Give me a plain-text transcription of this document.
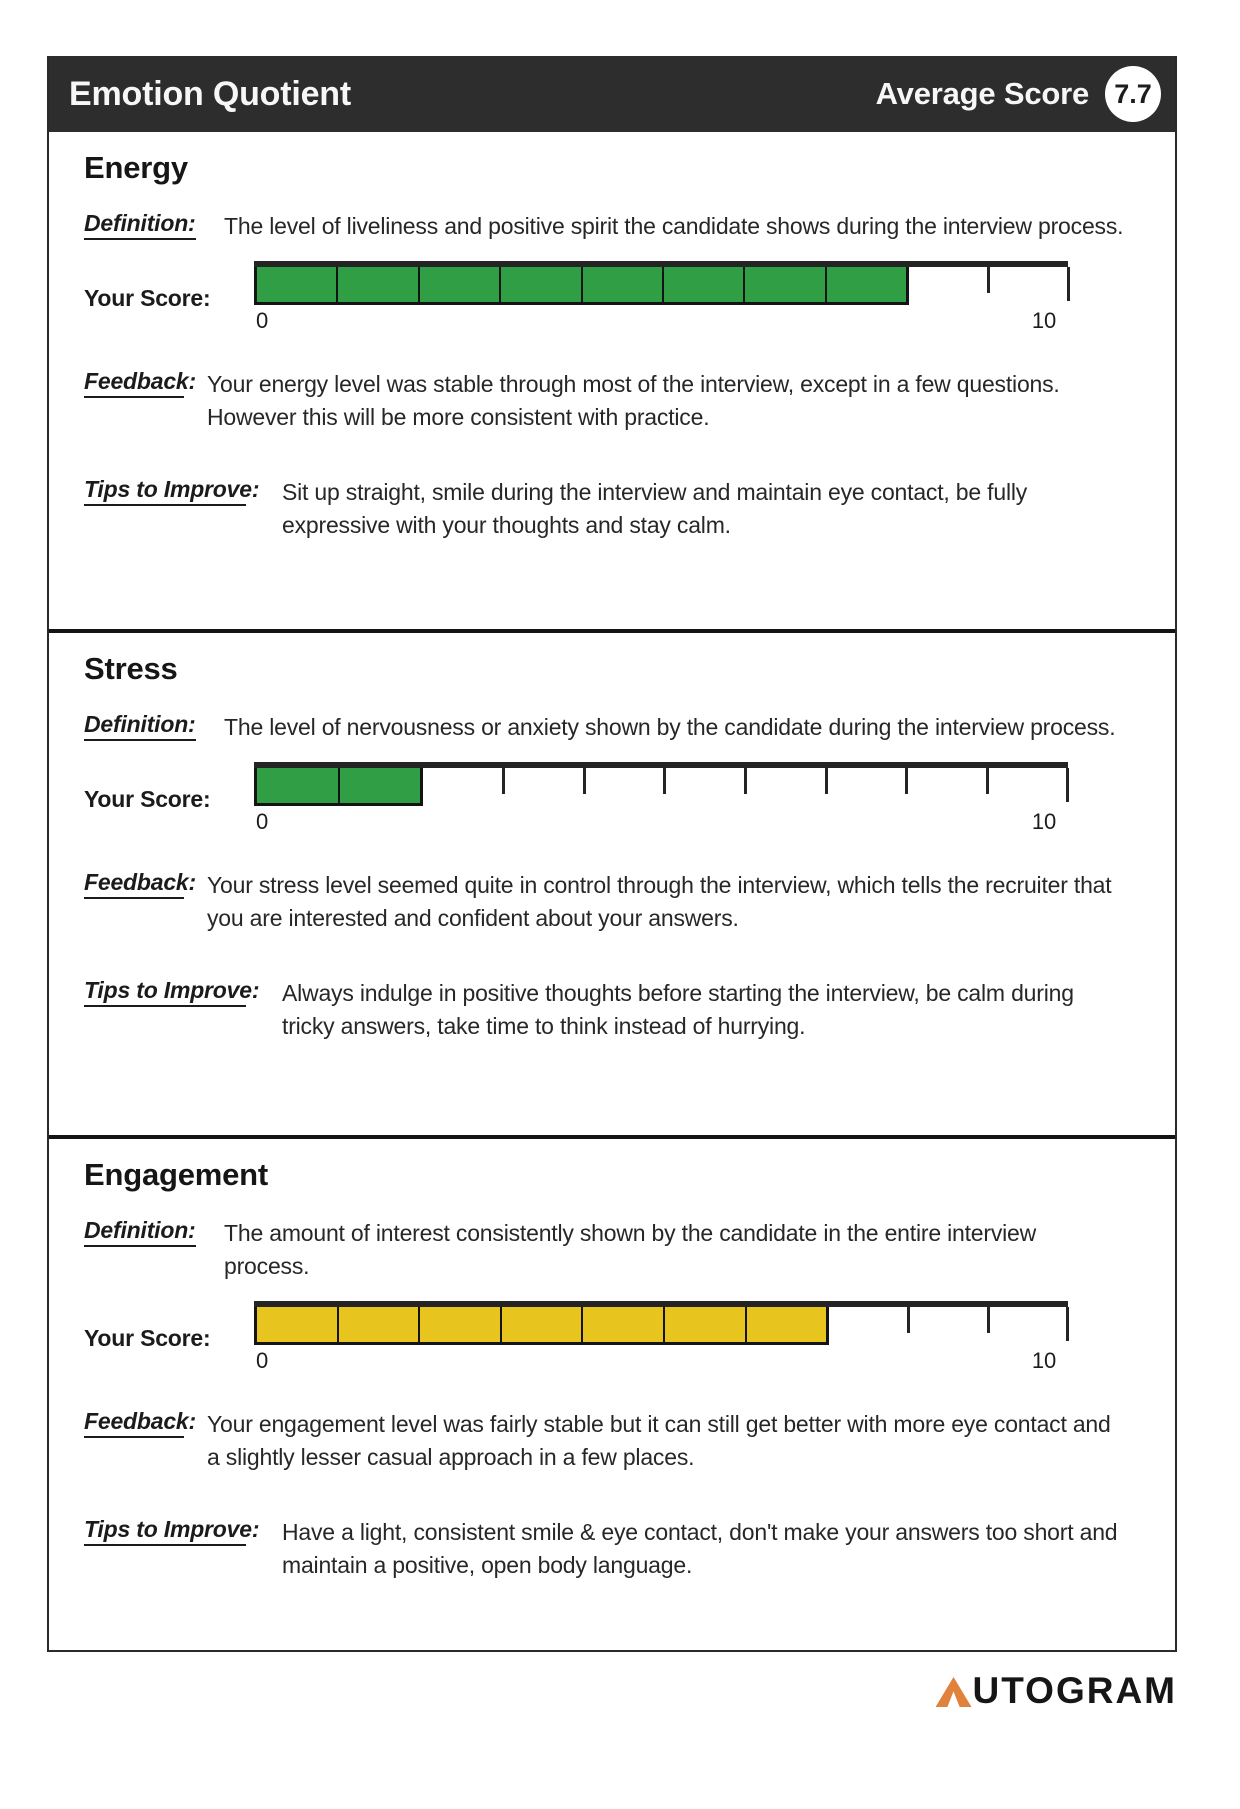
Emotion Quotient	Average Score 7.7
Energy
Definition: The level of liveliness and positive spirit the candidate shows during the interview process.

Your Score:
0	10
Feedback: Your energy level was stable through most of the interview, except in a few questions. However this will be more consistent with practice.

Tips to Improve: Sit up straight, smile during the interview and maintain eye contact, be fully expressive with your thoughts and stay calm.

Stress
Definition: The level of nervousness or anxiety shown by the candidate during the interview process.

Your Score:
0	10
Feedback: Your stress level seemed quite in control through the interview, which tells the recruiter that you are interested and confident about your answers.

Tips to Improve: Always indulge in positive thoughts before starting the interview, be calm during tricky answers, take time to think instead of hurrying.

Engagement
Definition: The amount of interest consistently shown by the candidate in the entire interview process.

Your Score:
0	10
Feedback: Your engagement level was fairly stable but it can still get better with more eye contact and a slightly lesser casual approach in a few places.

Tips to Improve: Have a light, consistent smile & eye contact, don't make your answers too short and maintain a positive, open body language.

UTOGRAM
